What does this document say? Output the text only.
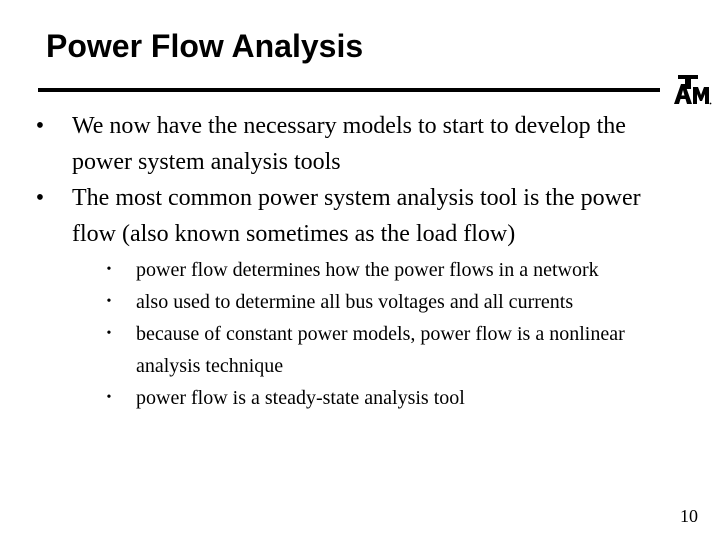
Power Flow Analysis
• We now have the necessary models to start to develop the power system analysis tools
• The most common power system analysis tool is the power flow (also known sometimes as the load flow)
• power flow determines how the power flows in a network
• also used to determine all bus voltages and all currents
• because of constant power models, power flow is a nonlinear analysis technique
• power flow is a steady-state analysis tool
10
